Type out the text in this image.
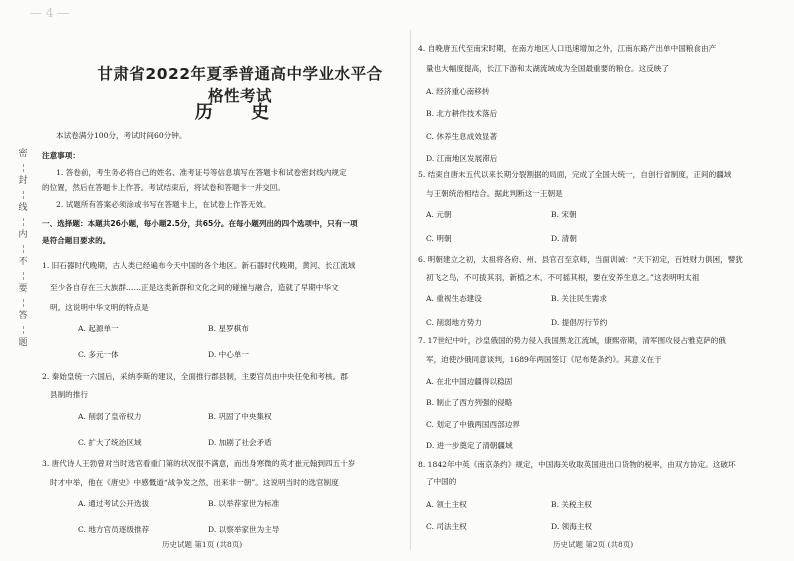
— 4 —
密
封
线
内
不
要
答
题
甘肃省2022年夏季普通高中学业水平合格性考试
历 史
本试卷满分100分，考试时间60分钟。
注意事项：
1. 答卷前，考生务必将自己的姓名、准考证号等信息填写在答题卡和试卷密封线内规定
的位置，然后在答题卡上作答。考试结束后，将试卷和答题卡一并交回。
2. 试题所有答案必须涂或书写在答题卡上，在试卷上作答无效。
一、选择题：本题共26小题，每小题2.5分，共65分。在每小题列出的四个选项中，只有一项
是符合题目要求的。
1. 旧石器时代晚期，古人类已经遍布今天中国的各个地区。新石器时代晚期，黄河、长江流域
至少各自存在三大族群……正是这类新群和文化之间的碰撞与融合，造就了早期中华文
明。这说明中华文明的特点是
A. 起源单一	B. 星罗棋布
C. 多元一体	D. 中心单一
2. 秦始皇统一六国后，采纳李斯的建议，全面推行郡县制，主要官员由中央任免和考核。郡
县制的推行
A. 削弱了皇帝权力	B. 巩固了中央集权
C. 扩大了统治区域	D. 加剧了社会矛盾
3. 唐代诗人王勃曾对当时选官看重门第的状况很不满意，而出身寒微的英才崔元翰到四五十岁
时才中举，他在《唐史》中感慨道“战争发之然，出来非一朝”。这说明当时的选官制度
A. 通过考试公开选拔	B. 以举荐家世为标准
C. 地方官员逐级推荐	D. 以察举家世为主导
历史试题 第1页 (共8页)
4. 自晚唐五代至南宋时期，在南方地区人口迅速增加之外，江南东路产出单中国粮食由产
量也大幅度提高，长江下游和太湖流域成为全国最重要的粮仓。这反映了
A. 经济重心南移转
B. 北方耕作技术落后
C. 休养生息成效显著
D. 江南地区发展滞后
5. 结束自唐末五代以来长期分裂割据的局面，完成了全国大统一，自创行省制度，正间的疆域
与王朝统治相结合。据此判断这一王朝是
A. 元朝	B. 宋朝
C. 明朝	D. 清朝
6. 明朝建立之初，太祖将各府、州、县官召至京师，当面训诫：“天下初定，百姓财力俱困，譬犹
初飞之鸟，不可拔其羽，新植之木，不可摇其根，要在安养生息之。”这表明明太祖
A. 重视生态建设	B. 关注民生需求
C. 削弱地方势力	D. 提倡厉行节约
7. 17世纪中叶，沙皇俄国的势力侵入我国黑龙江流域，康熙帝期，清军围攻侵占雅克萨的俄
军，迫使沙俄同意谈判，1689年两国签订《尼布楚条约》。其意义在于
A. 在北中国边疆得以稳固
B. 制止了西方列强的侵略
C. 划定了中俄两国西部边界
D. 进一步奠定了清朝疆域
8. 1842年中英《南京条约》规定，中国海关收取英国进出口货物的税率，由双方协定。这破坏
了中国的
A. 领土主权	B. 关税主权
C. 司法主权	D. 领海主权
历史试题 第2页 (共8页)
